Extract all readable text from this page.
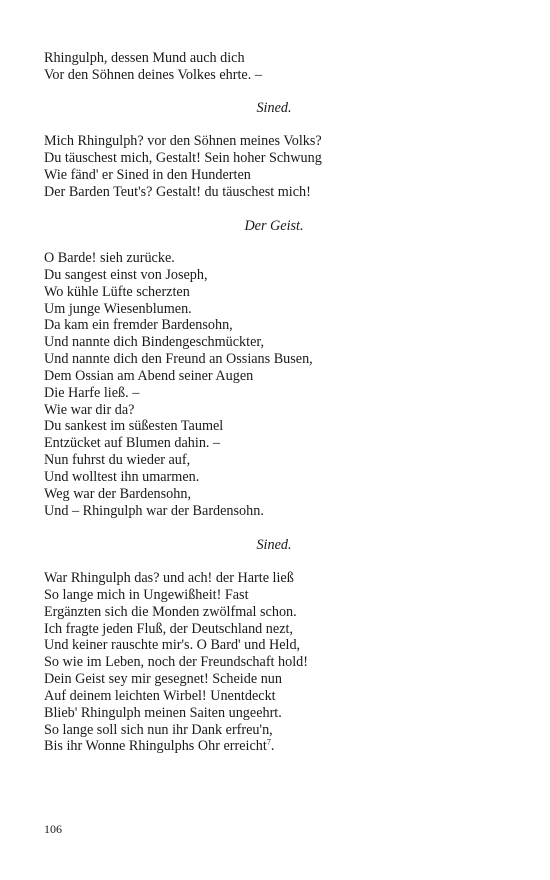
Rhingulph, dessen Mund auch dich
Vor den Söhnen deines Volkes ehrte. –
Sined.
Mich Rhingulph? vor den Söhnen meines Volks?
Du täuschest mich, Gestalt! Sein hoher Schwung
Wie fänd' er Sined in den Hunderten
Der Barden Teut's? Gestalt! du täuschest mich!
Der Geist.
O Barde! sieh zurücke.
Du sangest einst von Joseph,
Wo kühle Lüfte scherzten
Um junge Wiesenblumen.
Da kam ein fremder Bardensohn,
Und nannte dich Bindengeschmückter,
Und nannte dich den Freund an Ossians Busen,
Dem Ossian am Abend seiner Augen
Die Harfe ließ. –
Wie war dir da?
Du sankest im süßesten Taumel
Entzücket auf Blumen dahin. –
Nun fuhrst du wieder auf,
Und wolltest ihn umarmen.
Weg war der Bardensohn,
Und – Rhingulph war der Bardensohn.
Sined.
War Rhingulph das? und ach! der Harte ließ
So lange mich in Ungewißheit! Fast
Ergänzten sich die Monden zwölfmal schon.
Ich fragte jeden Fluß, der Deutschland nezt,
Und keiner rauschte mir's. O Bard' und Held,
So wie im Leben, noch der Freundschaft hold!
Dein Geist sey mir gesegnet! Scheide nun
Auf deinem leichten Wirbel! Unentdeckt
Blieb' Rhingulph meinen Saiten ungeehrt.
So lange soll sich nun ihr Dank erfreu'n,
Bis ihr Wonne Rhingulphs Ohr erreicht$^7$.
106
